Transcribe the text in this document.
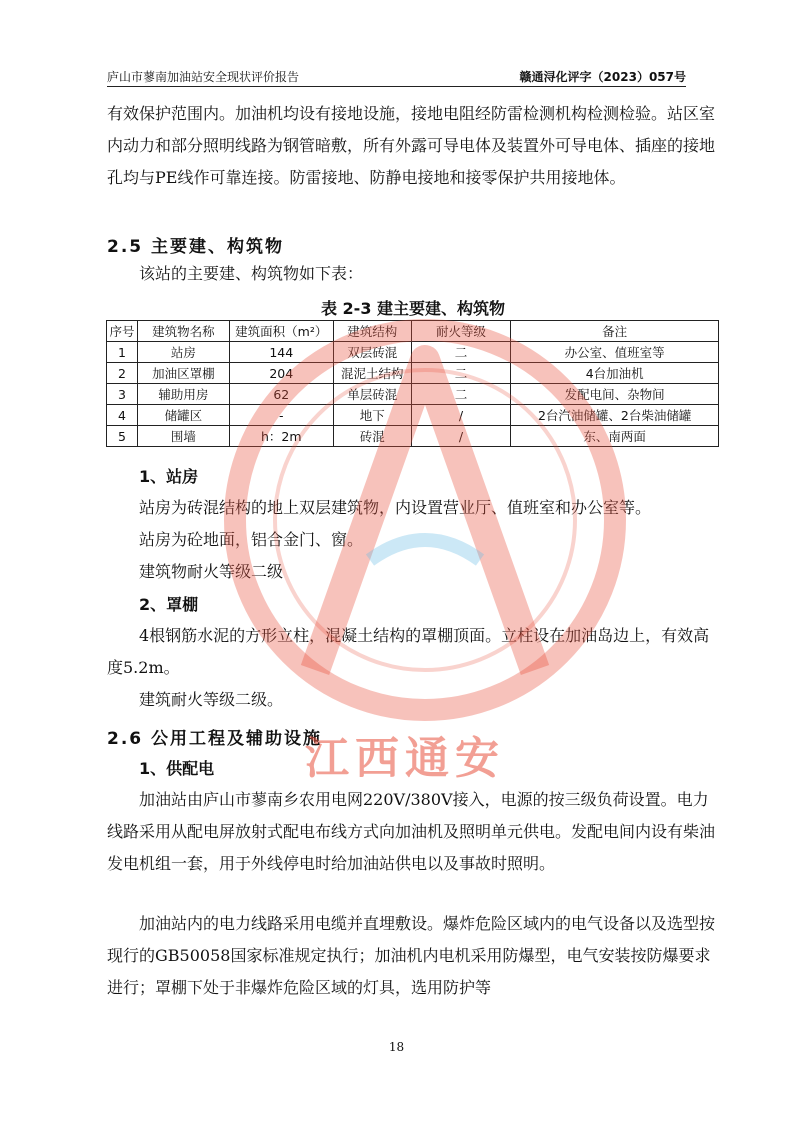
庐山市蓼南加油站安全现状评价报告	赣通浔化评字（2023）057号

有效保护范围内。加油机均设有接地设施，接地电阻经防雷检测机构检测检验。站区室内动力和部分照明线路为钢管暗敷，所有外露可导电体及装置外可导电体、插座的接地孔均与PE线作可靠连接。防雷接地、防静电接地和接零保护共用接地体。

2.5 主要建、构筑物

该站的主要建、构筑物如下表：

表 2-3 建主要建、构筑物
序号	建筑物名称	建筑面积（m²）	建筑结构	耐火等级	备注
1	站房	144	双层砖混	二	办公室、值班室等
2	加油区罩棚	204	混泥土结构	二	4台加油机
3	辅助用房	62	单层砖混	二	发配电间、杂物间
4	储罐区	-	地下	/	2台汽油储罐、2台柴油储罐
5	围墙	h：2m	砖混	/	东、南两面
1、站房

站房为砖混结构的地上双层建筑物，内设置营业厅、值班室和办公室等。

站房为砼地面，铝合金门、窗。

建筑物耐火等级二级

2、罩棚

4根钢筋水泥的方形立柱，混凝土结构的罩棚顶面。立柱设在加油岛边上，有效高度5.2m。

建筑耐火等级二级。

2.6 公用工程及辅助设施
1、供配电

加油站由庐山市蓼南乡农用电网220V/380V接入，电源的按三级负荷设置。电力线路采用从配电屏放射式配电布线方式向加油机及照明单元供电。发配电间内设有柴油发电机组一套，用于外线停电时给加油站供电以及事故时照明。

加油站内的电力线路采用电缆并直埋敷设。爆炸危险区域内的电气设备以及选型按现行的GB50058国家标准规定执行；加油机内电机采用防爆型，电气安装按防爆要求进行；罩棚下处于非爆炸危险区域的灯具，选用防护等

江西通安
18
